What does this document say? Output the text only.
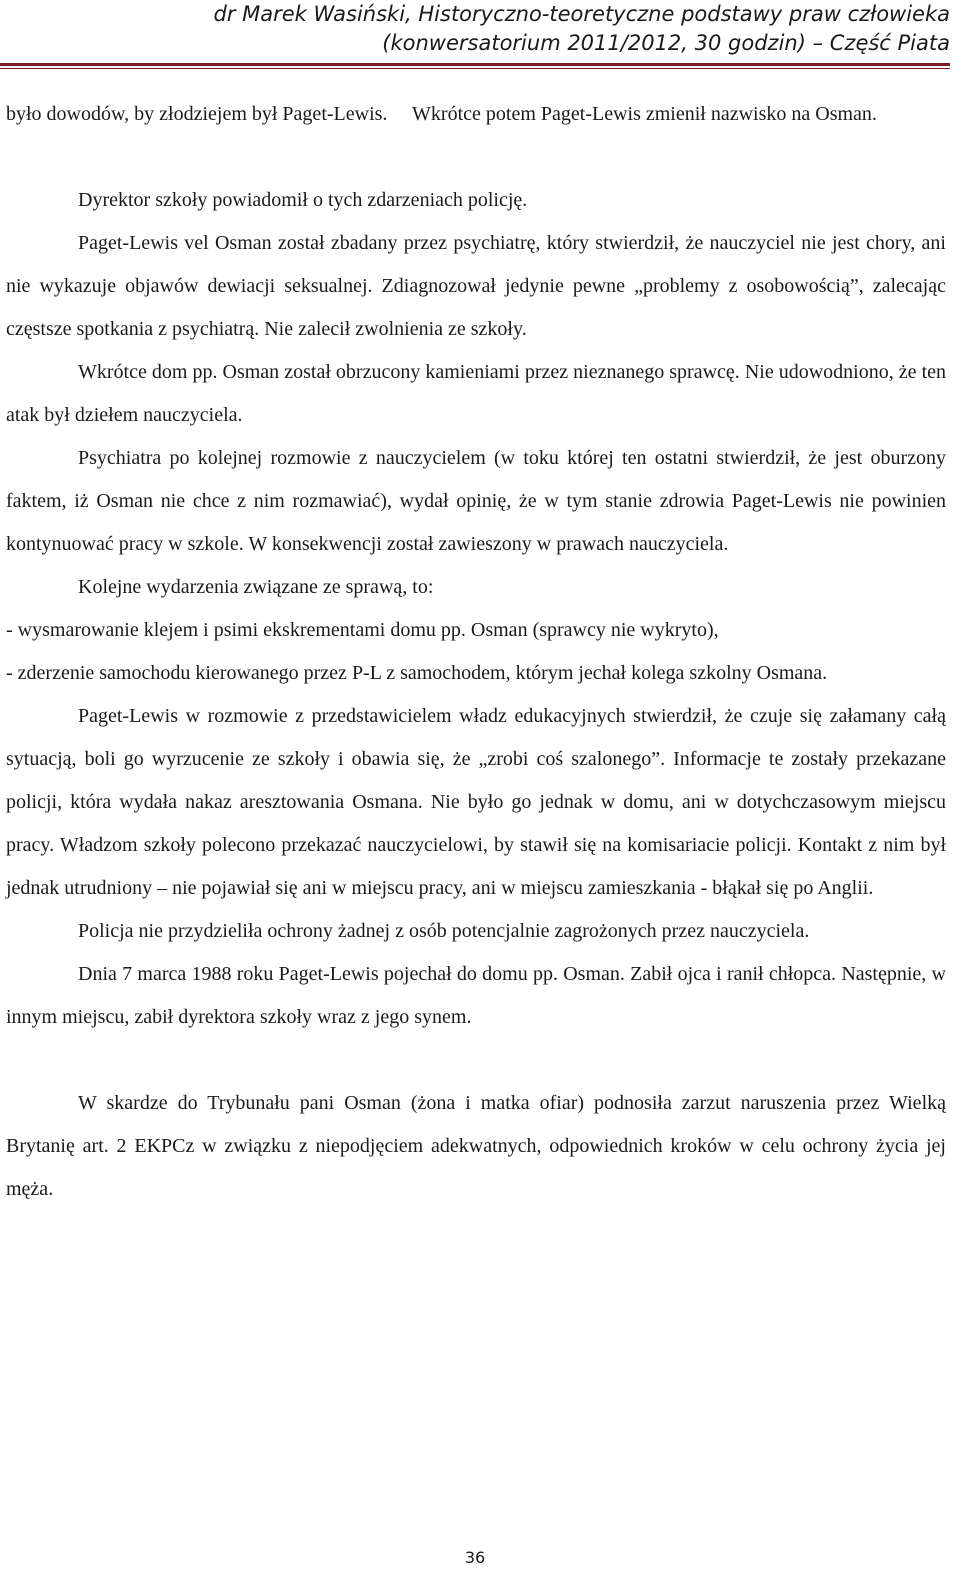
dr Marek Wasiński, Historyczno-teoretyczne podstawy praw człowieka
(konwersatorium 2011/2012, 30 godzin) – Część Piata

było dowodów, by złodziejem był Paget-Lewis.     Wkrótce potem Paget-Lewis zmienił nazwisko na Osman.

Dyrektor szkoły powiadomił o tych zdarzeniach policję.

Paget-Lewis vel Osman został zbadany przez psychiatrę, który stwierdził, że nauczyciel nie jest chory, ani nie wykazuje objawów dewiacji seksualnej. Zdiagnozował jedynie pewne „problemy z osobowością”, zalecając częstsze spotkania z psychiatrą. Nie zalecił zwolnienia ze szkoły.

Wkrótce dom pp. Osman został obrzucony kamieniami przez nieznanego sprawcę. Nie udowodniono, że ten atak był dziełem nauczyciela.

Psychiatra po kolejnej rozmowie z nauczycielem (w toku której ten ostatni stwierdził, że jest oburzony faktem, iż Osman nie chce z nim rozmawiać), wydał opinię, że w tym stanie zdrowia Paget-Lewis nie powinien kontynuować pracy w szkole. W konsekwencji został zawieszony w prawach nauczyciela.

Kolejne wydarzenia związane ze sprawą, to:

- wysmarowanie klejem i psimi ekskrementami domu pp. Osman (sprawcy nie wykryto),

- zderzenie samochodu kierowanego przez P-L z samochodem, którym jechał kolega szkolny Osmana.

Paget-Lewis w rozmowie z przedstawicielem władz edukacyjnych stwierdził, że czuje się załamany całą sytuacją, boli go wyrzucenie ze szkoły i obawia się, że „zrobi coś szalonego”. Informacje te zostały przekazane policji, która wydała nakaz aresztowania Osmana. Nie było go jednak w domu, ani w dotychczasowym miejscu pracy. Władzom szkoły polecono przekazać nauczycielowi, by stawił się na komisariacie policji. Kontakt z nim był jednak utrudniony – nie pojawiał się ani w miejscu pracy, ani w miejscu zamieszkania - błąkał się po Anglii.

Policja nie przydzieliła ochrony żadnej z osób potencjalnie zagrożonych przez nauczyciela.

Dnia 7 marca 1988 roku Paget-Lewis pojechał do domu pp. Osman. Zabił ojca i ranił chłopca. Następnie, w innym miejscu, zabił dyrektora szkoły wraz z jego synem.

W skardze do Trybunału pani Osman (żona i matka ofiar) podnosiła zarzut naruszenia przez Wielką Brytanię art. 2 EKPCz w związku z niepodjęciem adekwatnych, odpowiednich kroków w celu ochrony życia jej męża.

36
